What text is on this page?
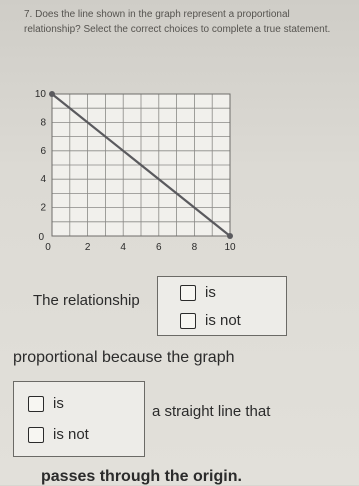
7. Does the line shown in the graph represent a proportional relationship? Select the correct choices to complete a true statement.
0	2	4	6	8	10
2
4
6
8
10
0
The relationship	is
is not
proportional because the graph
is
is not
a straight line that
passes through the origin.
